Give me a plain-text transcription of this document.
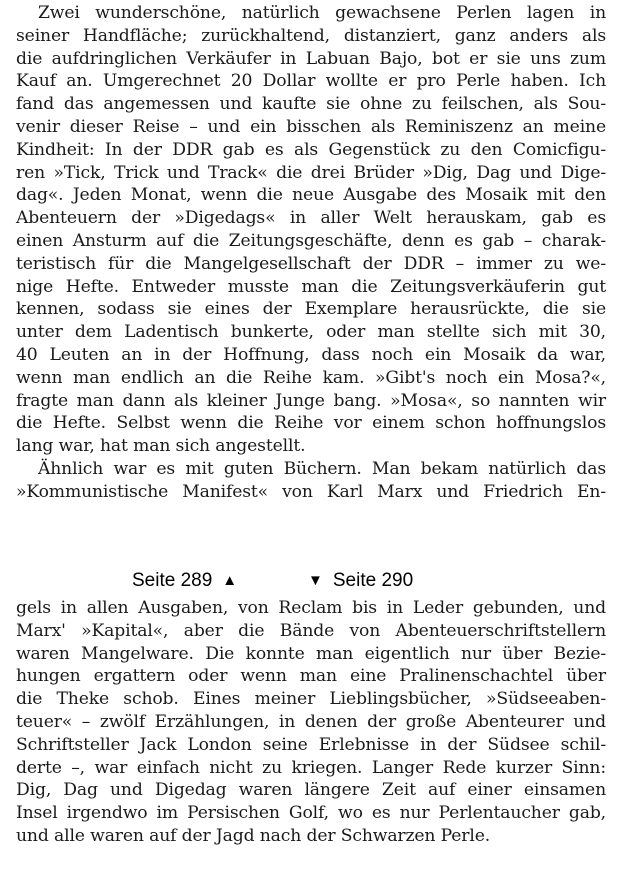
Zwei wunderschöne, natürlich gewachsene Perlen lagen in
seiner Handfläche; zurückhaltend, distanziert, ganz anders als
die aufdringlichen Verkäufer in Labuan Bajo, bot er sie uns zum
Kauf an. Umgerechnet 20 Dollar wollte er pro Perle haben. Ich
fand das angemessen und kaufte sie ohne zu feilschen, als Sou-
venir dieser Reise – und ein bisschen als Reminiszenz an meine
Kindheit: In der DDR gab es als Gegenstück zu den Comicfigu-
ren »Tick, Trick und Track« die drei Brüder »Dig, Dag und Dige-
dag«. Jeden Monat, wenn die neue Ausgabe des Mosaik mit den
Abenteuern der »Digedags« in aller Welt herauskam, gab es
einen Ansturm auf die Zeitungsgeschäfte, denn es gab – charak-
teristisch für die Mangelgesellschaft der DDR – immer zu we-
nige Hefte. Entweder musste man die Zeitungsverkäuferin gut
kennen, sodass sie eines der Exemplare herausrückte, die sie
unter dem Ladentisch bunkerte, oder man stellte sich mit 30,
40 Leuten an in der Hoffnung, dass noch ein Mosaik da war,
wenn man endlich an die Reihe kam. »Gibt's noch ein Mosa?«,
fragte man dann als kleiner Junge bang. »Mosa«, so nannten wir
die Hefte. Selbst wenn die Reihe vor einem schon hoffnungslos
lang war, hat man sich angestellt.
Ähnlich war es mit guten Büchern. Man bekam natürlich das
»Kommunistische Manifest« von Karl Marx und Friedrich En-
Seite 289 ▲	▼ Seite 290
gels in allen Ausgaben, von Reclam bis in Leder gebunden, und
Marx' »Kapital«, aber die Bände von Abenteuerschriftstellern
waren Mangelware. Die konnte man eigentlich nur über Bezie-
hungen ergattern oder wenn man eine Pralinenschachtel über
die Theke schob. Eines meiner Lieblingsbücher, »Südseeaben-
teuer« – zwölf Erzählungen, in denen der große Abenteurer und
Schriftsteller Jack London seine Erlebnisse in der Südsee schil-
derte –, war einfach nicht zu kriegen. Langer Rede kurzer Sinn:
Dig, Dag und Digedag waren längere Zeit auf einer einsamen
Insel irgendwo im Persischen Golf, wo es nur Perlentaucher gab,
und alle waren auf der Jagd nach der Schwarzen Perle.
